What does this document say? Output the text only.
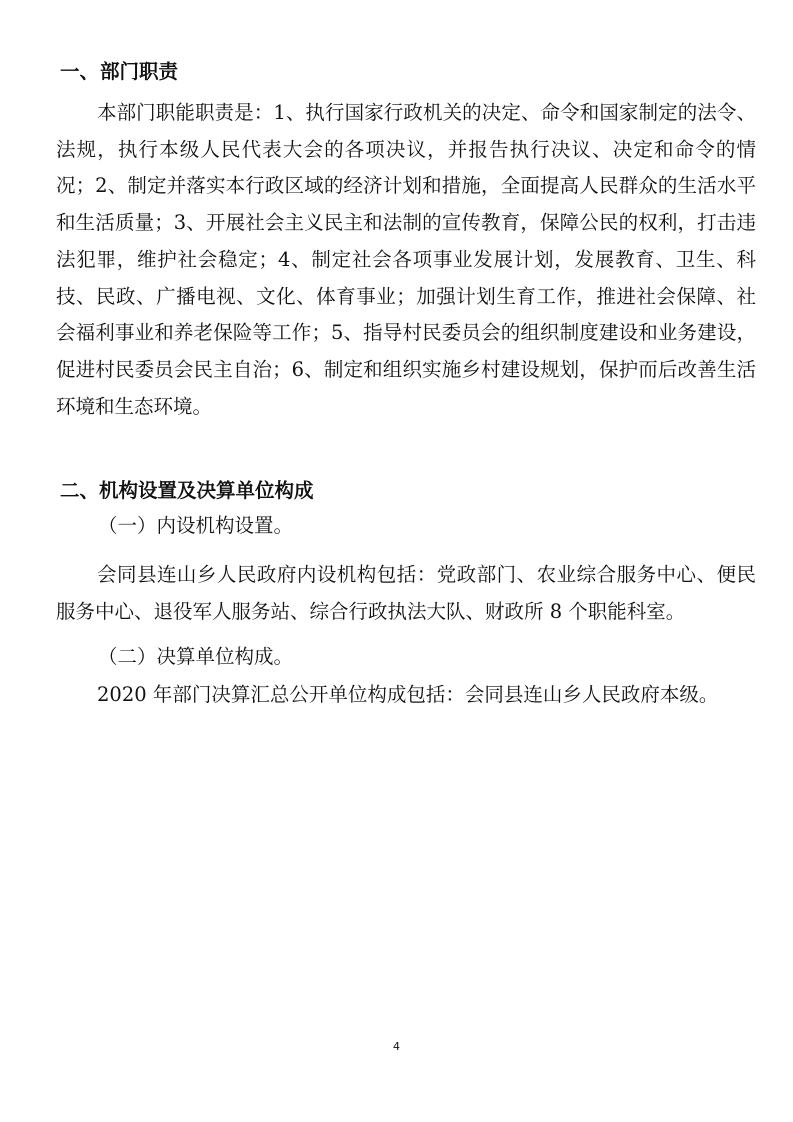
一、部门职责

本部门职能职责是：1、执行国家行政机关的决定、命令和国家制定的法令、法规，执行本级人民代表大会的各项决议，并报告执行决议、决定和命令的情况；2、制定并落实本行政区域的经济计划和措施，全面提高人民群众的生活水平和生活质量；3、开展社会主义民主和法制的宣传教育，保障公民的权利，打击违法犯罪，维护社会稳定；4、制定社会各项事业发展计划，发展教育、卫生、科技、民政、广播电视、文化、体育事业；加强计划生育工作，推进社会保障、社会福利事业和养老保险等工作；5、指导村民委员会的组织制度建设和业务建设，促进村民委员会民主自治；6、制定和组织实施乡村建设规划，保护而后改善生活环境和生态环境。

二、机构设置及决算单位构成

（一）内设机构设置。

会同县连山乡人民政府内设机构包括：党政部门、农业综合服务中心、便民服务中心、退役军人服务站、综合行政执法大队、财政所 8 个职能科室。

（二）决算单位构成。

2020 年部门决算汇总公开单位构成包括：会同县连山乡人民政府本级。

4
